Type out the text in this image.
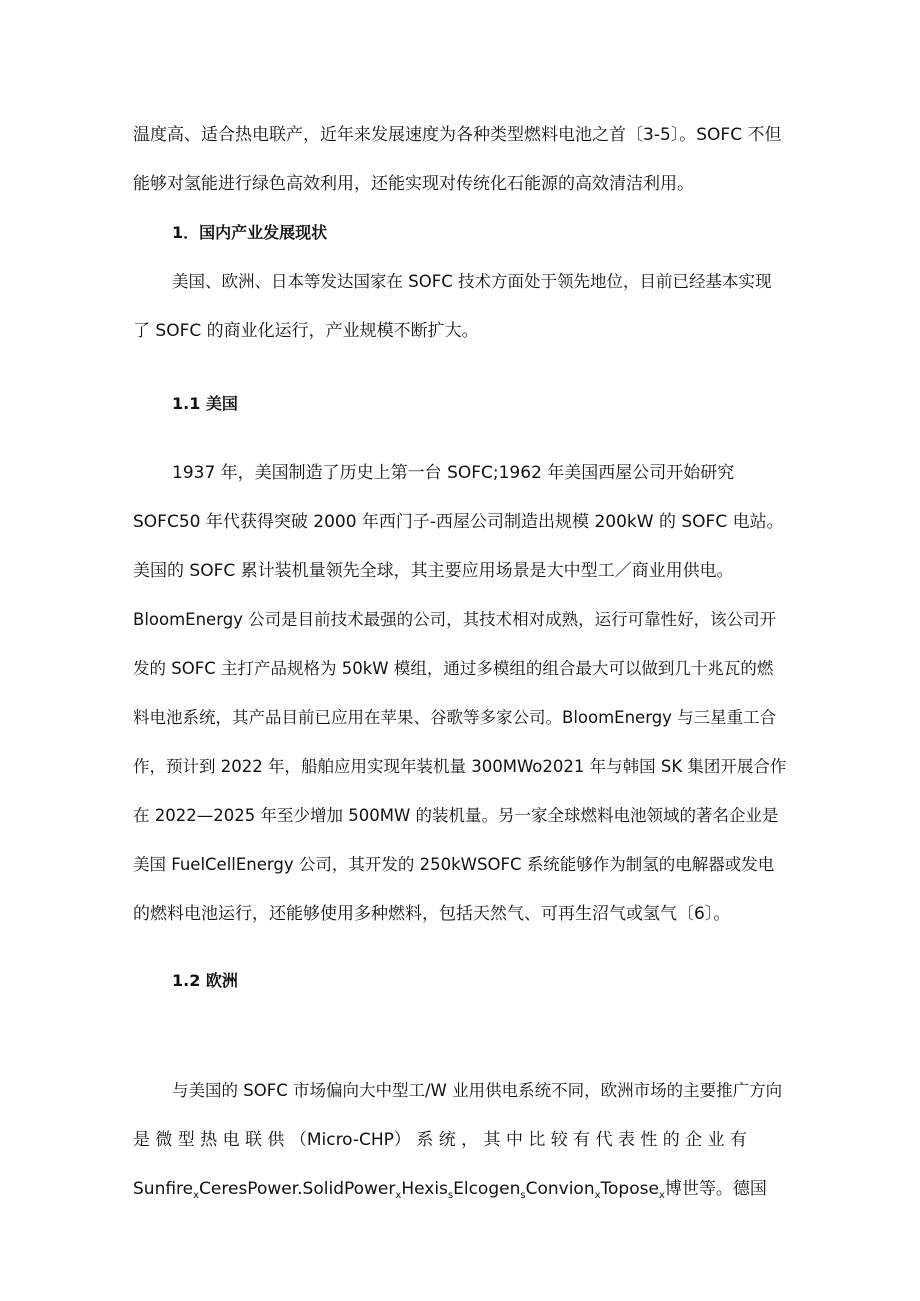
温度高、适合热电联产，近年来发展速度为各种类型燃料电池之首〔3-5〕。SOFC 不但
能够对氢能进行绿色高效利用，还能实现对传统化石能源的高效清洁利用。
1．国内产业发展现状
美国、欧洲、日本等发达国家在 SOFC 技术方面处于领先地位，目前已经基本实现
了 SOFC 的商业化运行，产业规模不断扩大。
1.1 美国
1937 年，美国制造了历史上第一台 SOFC;1962 年美国西屋公司开始研究
SOFC50 年代获得突破 2000 年西门子-西屋公司制造出规模 200kW 的 SOFC 电站。
美国的 SOFC 累计装机量领先全球，其主要应用场景是大中型工／商业用供电。
BloomEnergy 公司是目前技术最强的公司，其技术相对成熟，运行可靠性好，该公司开
发的 SOFC 主打产品规格为 50kW 模组，通过多模组的组合最大可以做到几十兆瓦的燃
料电池系统，其产品目前已应用在苹果、谷歌等多家公司。BloomEnergy 与三星重工合
作，预计到 2022 年，船舶应用实现年装机量 300MWo2021 年与韩国 SK 集团开展合作
在 2022—2025 年至少增加 500MW 的装机量。另一家全球燃料电池领域的著名企业是
美国 FuelCellEnergy 公司，其开发的 250kWSOFC 系统能够作为制氢的电解器或发电
的燃料电池运行，还能够使用多种燃料，包括天然气、可再生沼气或氢气〔6〕。
1.2 欧洲
与美国的 SOFC 市场偏向大中型工/W 业用供电系统不同，欧洲市场的主要推广方向
是 微 型 热 电 联 供 （Micro-CHP） 系 统 ， 其 中 比 较 有 代 表 性 的 企 业 有
Sunfire$_x$CeresPower.SolidPower$_x$Hexis$_s$Elcogen$_s$Convion$_x$Topose$_x$博世等。德国
